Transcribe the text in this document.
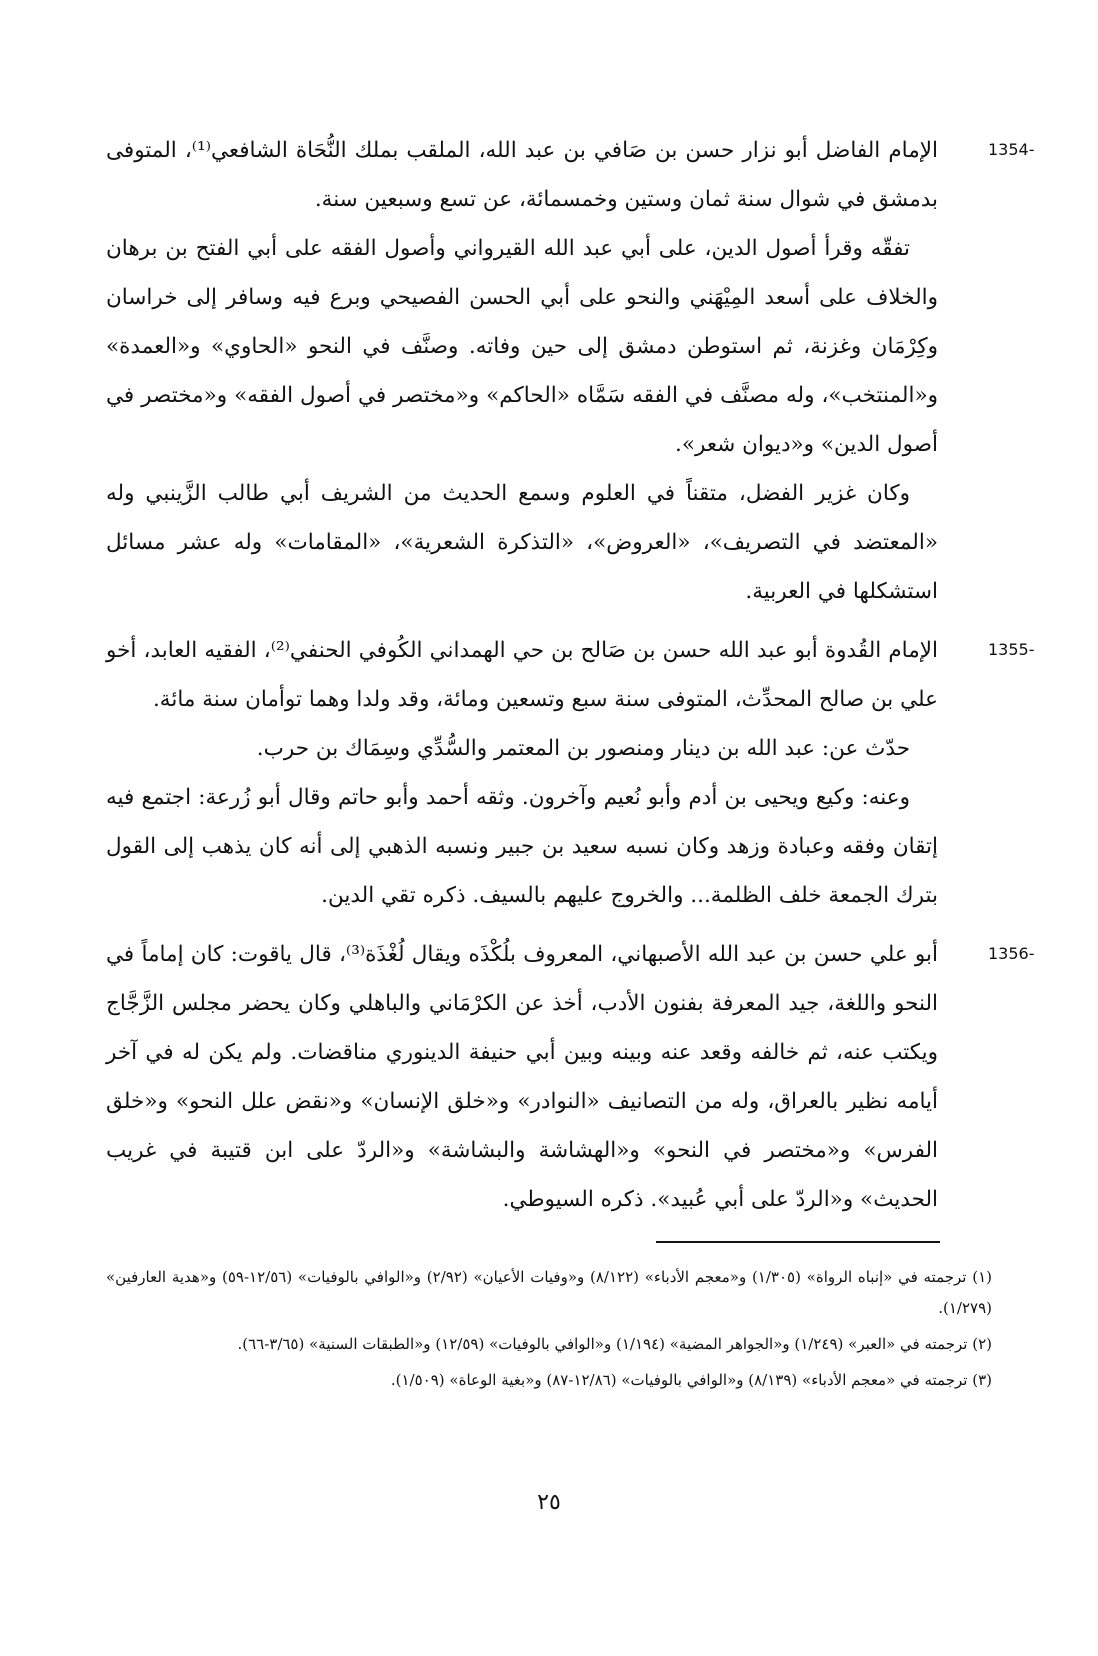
1354-

الإمام الفاضل أبو نزار حسن بن صَافي بن عبد الله، الملقب بملك النُّحَاة الشافعي⁽¹⁾، المتوفى بدمشق في شوال سنة ثمان وستين وخمسمائة، عن تسع وسبعين سنة.

تفقّه وقرأ أصول الدين، على أبي عبد الله القيرواني وأصول الفقه على أبي الفتح بن برهان والخلاف على أسعد المِيْهَني والنحو على أبي الحسن الفصيحي وبرع فيه وسافر إلى خراسان وكِرْمَان وغزنة، ثم استوطن دمشق إلى حين وفاته. وصنَّف في النحو «الحاوي» و«العمدة» و«المنتخب»، وله مصنَّف في الفقه سَمَّاه «الحاكم» و«مختصر في أصول الفقه» و«مختصر في أصول الدين» و«ديوان شعر».

وكان غزير الفضل، متقناً في العلوم وسمع الحديث من الشريف أبي طالب الزَّينبي وله «المعتضد في التصريف»، «العروض»، «التذكرة الشعرية»، «المقامات» وله عشر مسائل استشكلها في العربية.

1355-

الإمام القُدوة أبو عبد الله حسن بن صَالح بن حي الهمداني الكُوفي الحنفي⁽²⁾، الفقيه العابد، أخو علي بن صالح المحدِّث، المتوفى سنة سبع وتسعين ومائة، وقد ولدا وهما توأمان سنة مائة.

حدّث عن: عبد الله بن دينار ومنصور بن المعتمر والسُّدِّي وسِمَاك بن حرب.

وعنه: وكيع ويحيى بن أدم وأبو نُعيم وآخرون. وثقه أحمد وأبو حاتم وقال أبو زُرعة: اجتمع فيه إتقان وفقه وعبادة وزهد وكان نسبه سعيد بن جبير ونسبه الذهبي إلى أنه كان يذهب إلى القول بترك الجمعة خلف الظلمة... والخروج عليهم بالسيف. ذكره تقي الدين.

1356-

أبو علي حسن بن عبد الله الأصبهاني، المعروف بلُكْذَه ويقال لُغْذَة⁽³⁾، قال ياقوت: كان إماماً في النحو واللغة، جيد المعرفة بفنون الأدب، أخذ عن الكرْمَاني والباهلي وكان يحضر مجلس الزَّجَّاج ويكتب عنه، ثم خالفه وقعد عنه وبينه وبين أبي حنيفة الدينوري مناقضات. ولم يكن له في آخر أيامه نظير بالعراق، وله من التصانيف «النوادر» و«خلق الإنسان» و«نقض علل النحو» و«خلق الفرس» و«مختصر في النحو» و«الهشاشة والبشاشة» و«الردّ على ابن قتيبة في غريب الحديث» و«الردّ على أبي عُبيد». ذكره السيوطي.

(١) ترجمته في «إنباه الرواة» (١/٣٠٥) و«معجم الأدباء» (٨/١٢٢) و«وفيات الأعيان» (٢/٩٢) و«الوافي بالوفيات» (١٢/٥٦-٥٩) و«هدية العارفين» (١/٢٧٩).
(٢) ترجمته في «العبر» (١/٢٤٩) و«الجواهر المضية» (١/١٩٤) و«الوافي بالوفيات» (١٢/٥٩) و«الطبقات السنية» (٣/٦٥-٦٦).
(٣) ترجمته في «معجم الأدباء» (٨/١٣٩) و«الوافي بالوفيات» (١٢/٨٦-٨٧) و«بغية الوعاة» (١/٥٠٩).
٢٥
